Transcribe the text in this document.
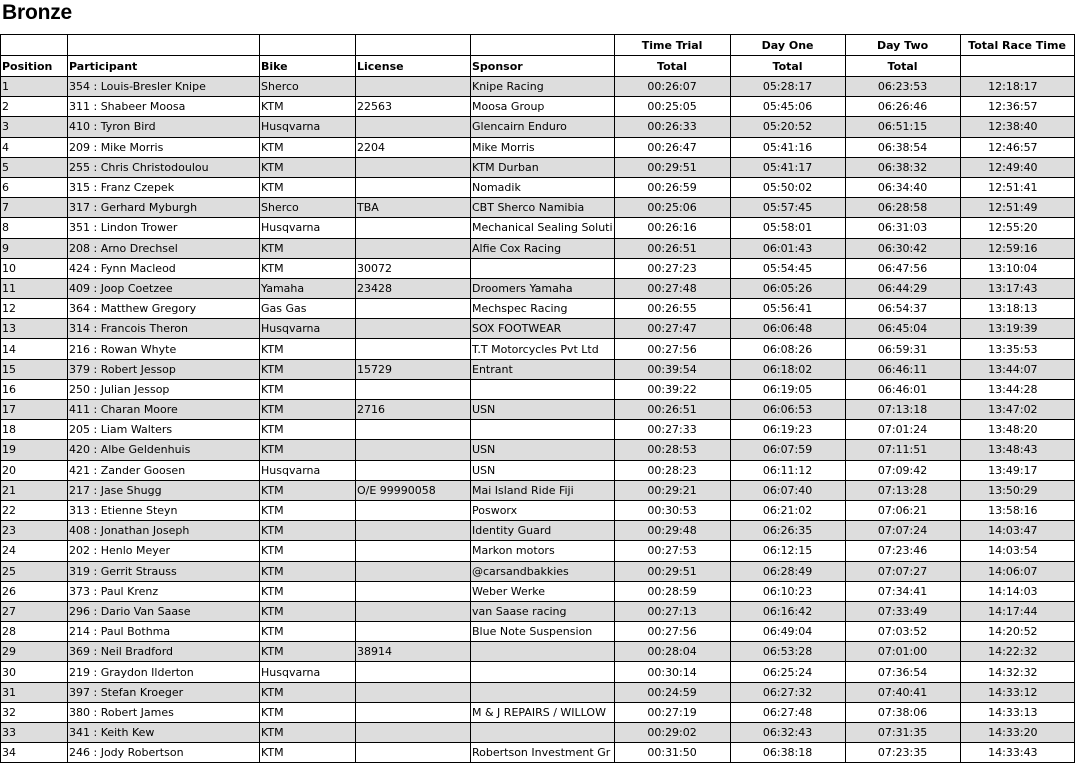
Bronze
					Time Trial	Day One	Day Two	Total Race Time
Position	Participant	Bike	License	Sponsor	Total	Total	Total	
1	354 : Louis-Bresler Knipe	Sherco		Knipe Racing	00:26:07	05:28:17	06:23:53	12:18:17
2	311 : Shabeer Moosa	KTM	22563	Moosa Group	00:25:05	05:45:06	06:26:46	12:36:57
3	410 : Tyron Bird	Husqvarna		Glencairn Enduro	00:26:33	05:20:52	06:51:15	12:38:40
4	209 : Mike Morris	KTM	2204	Mike Morris	00:26:47	05:41:16	06:38:54	12:46:57
5	255 : Chris Christodoulou	KTM		KTM Durban	00:29:51	05:41:17	06:38:32	12:49:40
6	315 : Franz Czepek	KTM		Nomadik	00:26:59	05:50:02	06:34:40	12:51:41
7	317 : Gerhard Myburgh	Sherco	TBA	CBT Sherco Namibia	00:25:06	05:57:45	06:28:58	12:51:49
8	351 : Lindon Trower	Husqvarna		Mechanical Sealing Soluti	00:26:16	05:58:01	06:31:03	12:55:20
9	208 : Arno Drechsel	KTM		Alfie Cox Racing	00:26:51	06:01:43	06:30:42	12:59:16
10	424 : Fynn Macleod	KTM	30072		00:27:23	05:54:45	06:47:56	13:10:04
11	409 : Joop Coetzee	Yamaha	23428	Droomers Yamaha	00:27:48	06:05:26	06:44:29	13:17:43
12	364 : Matthew Gregory	Gas Gas		Mechspec Racing	00:26:55	05:56:41	06:54:37	13:18:13
13	314 : Francois Theron	Husqvarna		SOX FOOTWEAR	00:27:47	06:06:48	06:45:04	13:19:39
14	216 : Rowan Whyte	KTM		T.T Motorcycles Pvt Ltd	00:27:56	06:08:26	06:59:31	13:35:53
15	379 : Robert Jessop	KTM	15729	Entrant	00:39:54	06:18:02	06:46:11	13:44:07
16	250 : Julian Jessop	KTM			00:39:22	06:19:05	06:46:01	13:44:28
17	411 : Charan Moore	KTM	2716	USN	00:26:51	06:06:53	07:13:18	13:47:02
18	205 : Liam Walters	KTM			00:27:33	06:19:23	07:01:24	13:48:20
19	420 : Albe Geldenhuis	KTM		USN	00:28:53	06:07:59	07:11:51	13:48:43
20	421 : Zander Goosen	Husqvarna		USN	00:28:23	06:11:12	07:09:42	13:49:17
21	217 : Jase Shugg	KTM	O/E 99990058	Mai Island Ride Fiji	00:29:21	06:07:40	07:13:28	13:50:29
22	313 : Etienne Steyn	KTM		Posworx	00:30:53	06:21:02	07:06:21	13:58:16
23	408 : Jonathan Joseph	KTM		Identity Guard	00:29:48	06:26:35	07:07:24	14:03:47
24	202 : Henlo Meyer	KTM		Markon motors	00:27:53	06:12:15	07:23:46	14:03:54
25	319 : Gerrit Strauss	KTM		@carsandbakkies	00:29:51	06:28:49	07:07:27	14:06:07
26	373 : Paul Krenz	KTM		Weber Werke	00:28:59	06:10:23	07:34:41	14:14:03
27	296 : Dario Van Saase	KTM		van Saase racing	00:27:13	06:16:42	07:33:49	14:17:44
28	214 : Paul Bothma	KTM		Blue Note Suspension	00:27:56	06:49:04	07:03:52	14:20:52
29	369 : Neil Bradford	KTM	38914		00:28:04	06:53:28	07:01:00	14:22:32
30	219 : Graydon Ilderton	Husqvarna			00:30:14	06:25:24	07:36:54	14:32:32
31	397 : Stefan Kroeger	KTM			00:24:59	06:27:32	07:40:41	14:33:12
32	380 : Robert James	KTM		M & J REPAIRS / WILLOW	00:27:19	06:27:48	07:38:06	14:33:13
33	341 : Keith Kew	KTM			00:29:02	06:32:43	07:31:35	14:33:20
34	246 : Jody Robertson	KTM		Robertson Investment Gr	00:31:50	06:38:18	07:23:35	14:33:43
